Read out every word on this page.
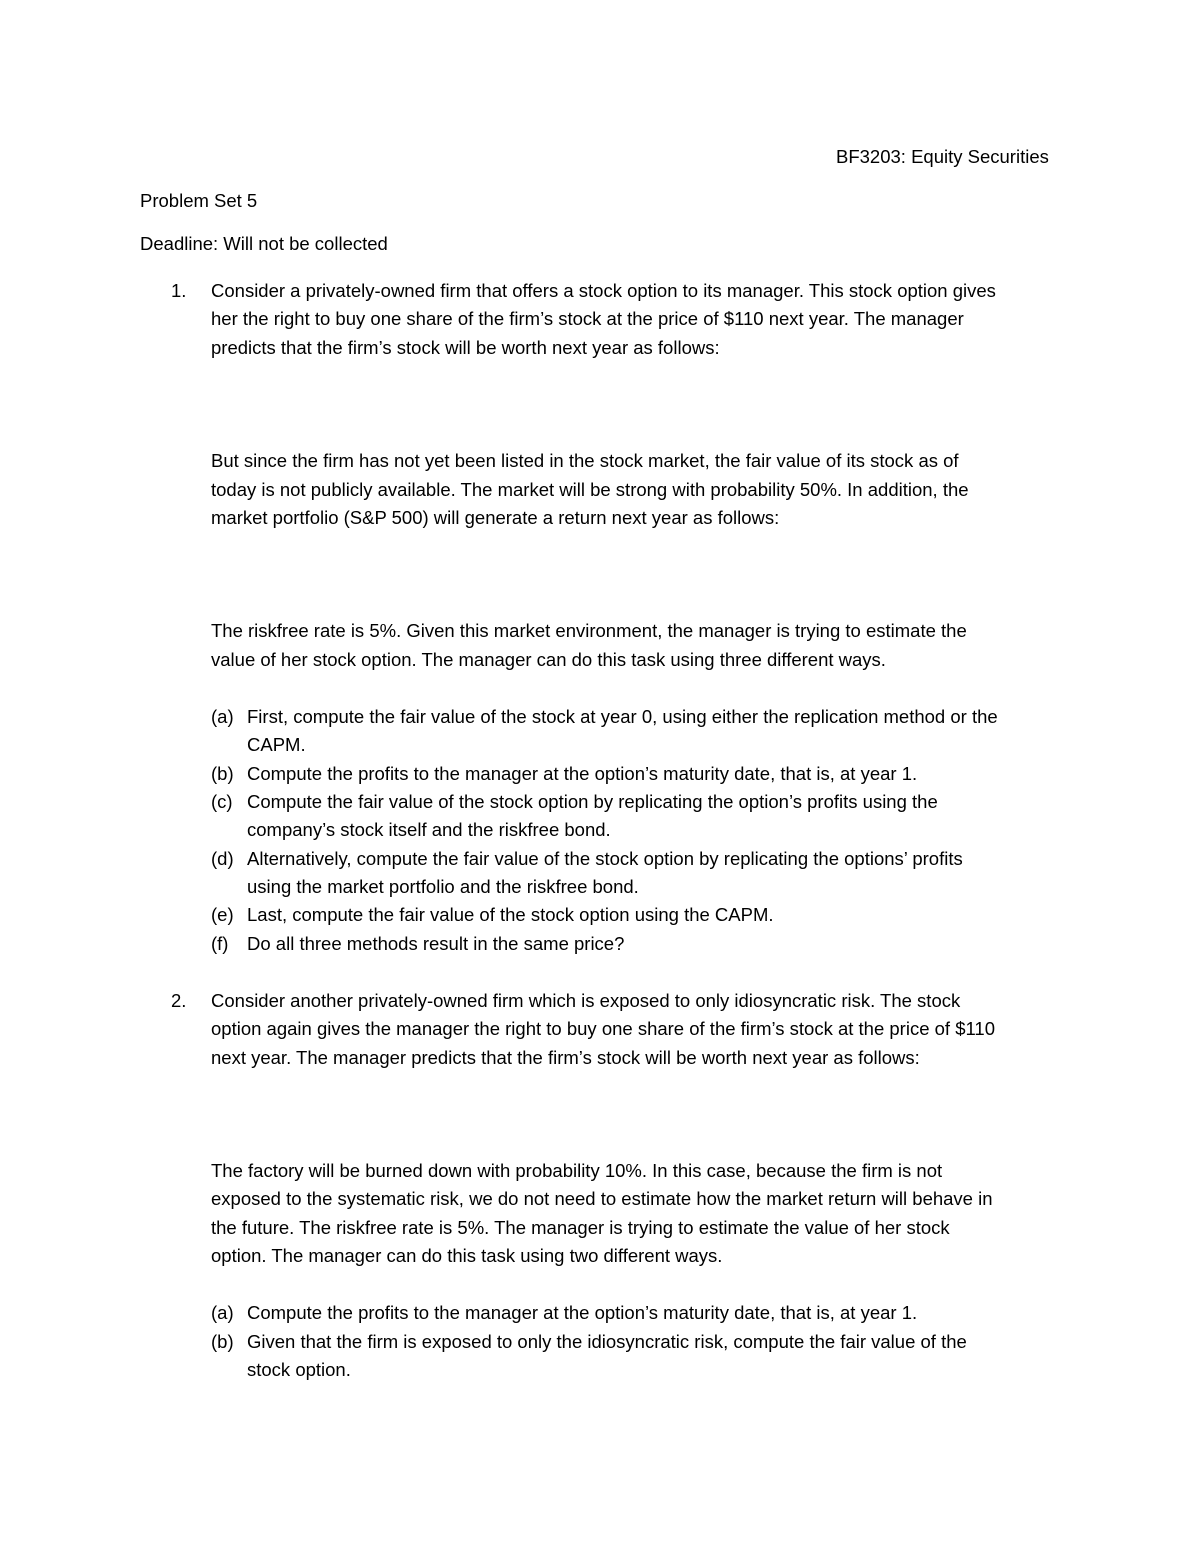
BF3203: Equity Securities
Problem Set 5
Deadline: Will not be collected
1. Consider a privately-owned firm that offers a stock option to its manager. This stock option gives
her the right to buy one share of the firm’s stock at the price of $110 next year. The manager
predicts that the firm’s stock will be worth next year as follows:
But since the firm has not yet been listed in the stock market, the fair value of its stock as of
today is not publicly available. The market will be strong with probability 50%. In addition, the
market portfolio (S&P 500) will generate a return next year as follows:
The riskfree rate is 5%. Given this market environment, the manager is trying to estimate the
value of her stock option. The manager can do this task using three different ways.
(a) First, compute the fair value of the stock at year 0, using either the replication method or the
CAPM.
(b) Compute the profits to the manager at the option’s maturity date, that is, at year 1.
(c) Compute the fair value of the stock option by replicating the option’s profits using the
company’s stock itself and the riskfree bond.
(d) Alternatively, compute the fair value of the stock option by replicating the options’ profits
using the market portfolio and the riskfree bond.
(e) Last, compute the fair value of the stock option using the CAPM.
(f) Do all three methods result in the same price?
2. Consider another privately-owned firm which is exposed to only idiosyncratic risk. The stock
option again gives the manager the right to buy one share of the firm’s stock at the price of $110
next year. The manager predicts that the firm’s stock will be worth next year as follows:
The factory will be burned down with probability 10%. In this case, because the firm is not
exposed to the systematic risk, we do not need to estimate how the market return will behave in
the future. The riskfree rate is 5%. The manager is trying to estimate the value of her stock
option. The manager can do this task using two different ways.
(a) Compute the profits to the manager at the option’s maturity date, that is, at year 1.
(b) Given that the firm is exposed to only the idiosyncratic risk, compute the fair value of the
stock option.
